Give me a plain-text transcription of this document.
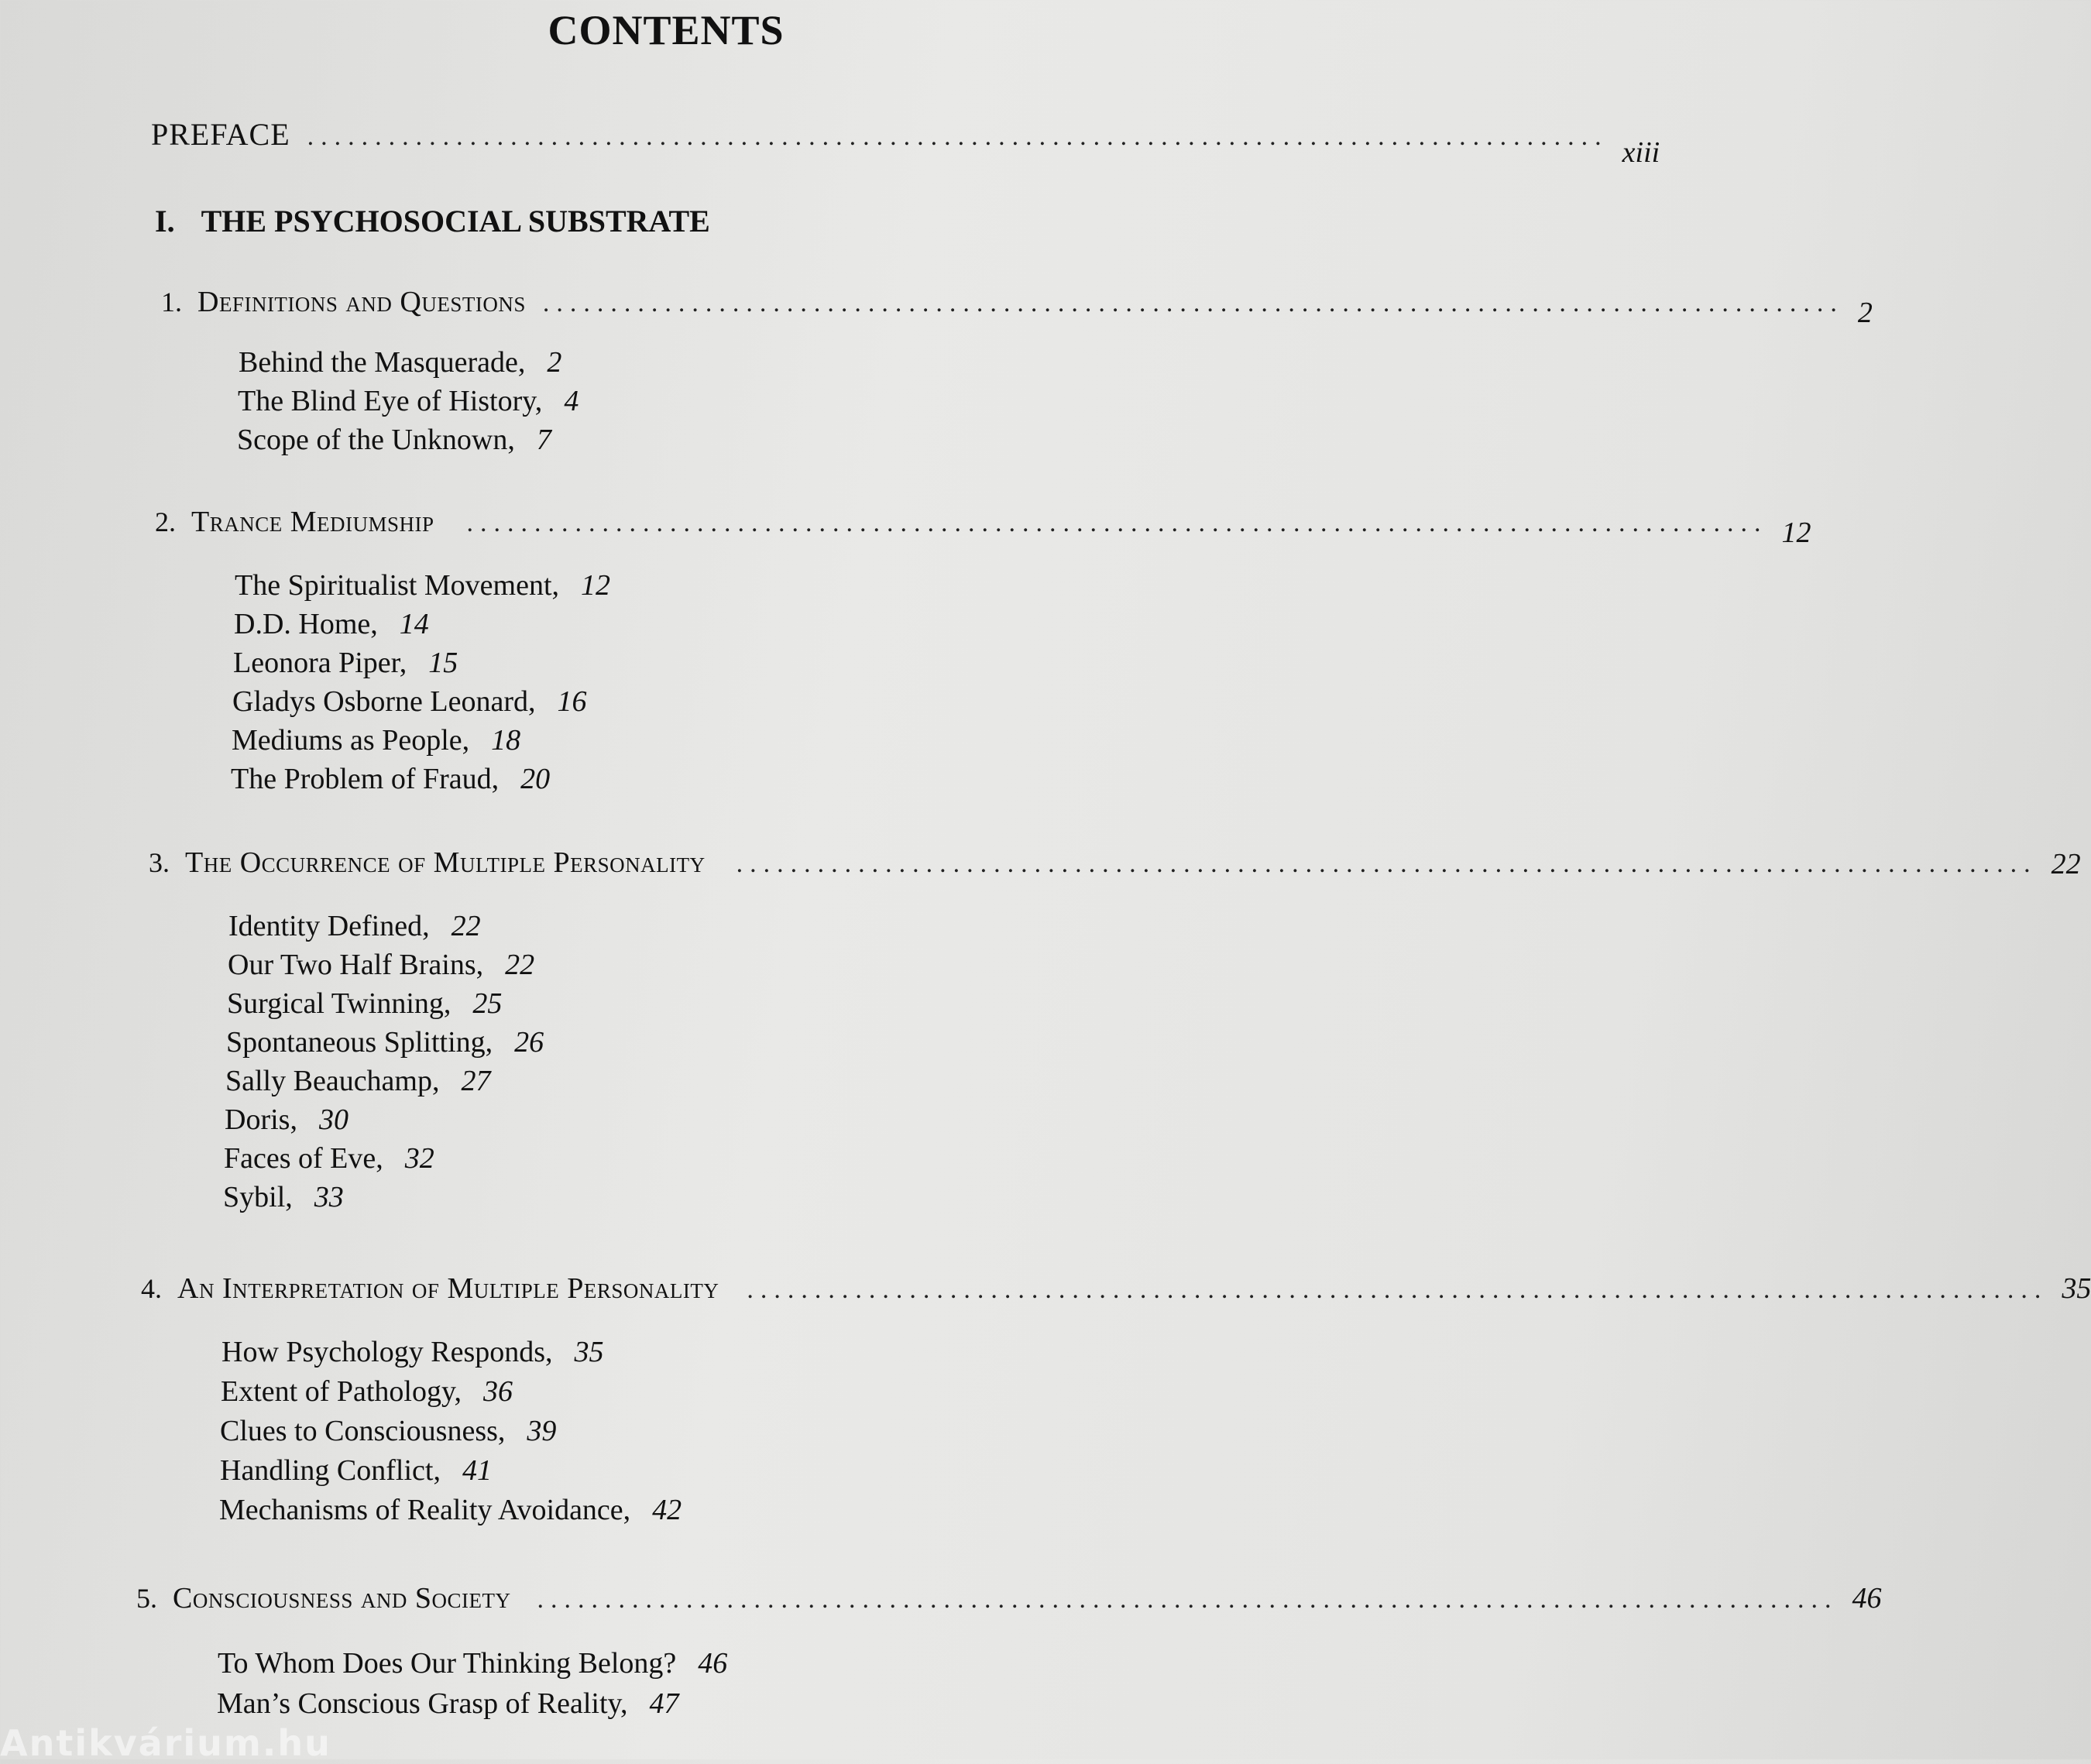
CONTENTS
PREFACE ................................................................................................ xiii
I. THE PSYCHOSOCIAL SUBSTRATE
1. Definitions and Questions ................................................................................................ 2
Behind the Masquerade, 2
The Blind Eye of History, 4
Scope of the Unknown, 7
2. Trance Mediumship ................................................................................................ 12
The Spiritualist Movement, 12
D.D. Home, 14
Leonora Piper, 15
Gladys Osborne Leonard, 16
Mediums as People, 18
The Problem of Fraud, 20
3. The Occurrence of Multiple Personality ................................................................................................ 22
Identity Defined, 22
Our Two Half Brains, 22
Surgical Twinning, 25
Spontaneous Splitting, 26
Sally Beauchamp, 27
Doris, 30
Faces of Eve, 32
Sybil, 33
4. An Interpretation of Multiple Personality ................................................................................................ 35
How Psychology Responds, 35
Extent of Pathology, 36
Clues to Consciousness, 39
Handling Conflict, 41
Mechanisms of Reality Avoidance, 42
5. Consciousness and Society ................................................................................................ 46
To Whom Does Our Thinking Belong? 46
Man’s Conscious Grasp of Reality, 47
Antikvárium.hu
